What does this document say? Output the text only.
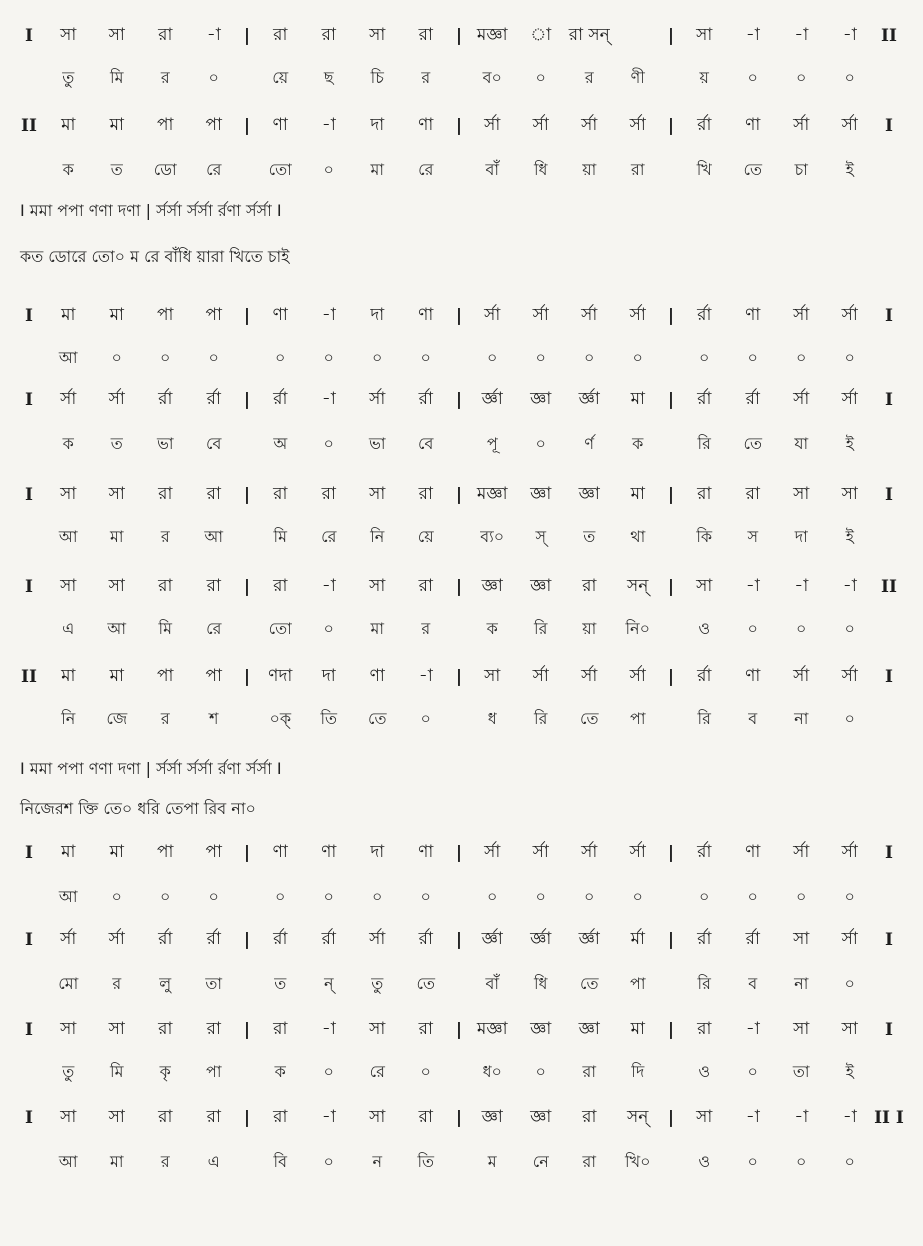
I	সা	সা	রা	-া	|	রা	রা	সা	রা	| মজ্ঞা	া	রা সন্	|	সা	-া	-া	-া	II
তু	মি	র	০	য়ে	ছ	চি	র	ব০	০	র	ণী	য়	০	০	০
II	মা	মা	পা	পা	|	ণা	-া	দা	ণা	|	র্সা	র্সা	র্সা	র্সা	|	র্রা	ণা	র্সা	র্সা	I
ক	ত	ডো	রে	তো	০	মা	রে	বাঁ	ধি	য়া	রা	খি	তে	চা	ই
I মমা পপা ণণা দণা | র্সর্সা র্সর্সা র্রণা র্সর্সা I
কত ডোরে তো০ ম রে বাঁধি য়ারা খিতে চাই
I	মা	মা	পা	পা	|	ণা	-া	দা	ণা	|	র্সা	র্সা	র্সা	র্সা	|	র্রা	ণা	র্সা	র্সা	I
আ	০	০	০	০	০	০	০	০	০	০	০	০	০	০	০
I	র্সা	র্সা	র্রা	র্রা	|	র্রা	-া	র্সা	র্রা	|	র্জ্ঞা	জ্ঞা	র্জ্ঞা	মা	|	র্রা	র্রা	র্সা	র্সা	I
ক	ত	ভা	বে	অ	০	ভা	বে	পূ	০	র্ণ	ক	রি	তে	যা	ই
I	সা	সা	রা	রা	|	রা	রা	সা	রা	| মজ্ঞা	জ্ঞা	জ্ঞা	মা	|	রা	রা	সা	সা	I
আ	মা	র	আ	মি	রে	নি	য়ে	ব্য০	স্	ত	থা	কি	স	দা	ই
I	সা	সা	রা	রা	|	রা	-া	সা	রা	|	জ্ঞা	জ্ঞা	রা	সন্	|	সা	-া	-া	-া	II
এ	আ	মি	রে	তো	০	মা	র	ক	রি	য়া	নি০	ও	০	০	০
II	মা	মা	পা	পা	|	ণদা	দা	ণা	-া	|	সা	র্সা	র্সা	র্সা	|	র্রা	ণা	র্সা	র্সা	I
নি	জে	র	শ	০ক্	তি	তে	০	ধ	রি	তে	পা	রি	ব	না	০
I মমা পপা ণণা দণা | র্সর্সা র্সর্সা র্রণা র্সর্সা I
নিজেরশ ক্তি তে০ ধরি তেপা রিব না০
I	মা	মা	পা	পা	|	ণা	ণা	দা	ণা	|	র্সা	র্সা	র্সা	র্সা	|	র্রা	ণা	র্সা	র্সা	I
আ	০	০	০	০	০	০	০	০	০	০	০	০	০	০	০
I	র্সা	র্সা	র্রা	র্রা	|	র্রা	র্রা	র্সা	র্রা	|	র্জ্ঞা	র্জ্ঞা	র্জ্ঞা	র্মা	|	র্রা	র্রা	সা	র্সা	I
মো	র	লু	তা	ত	ন্	তু	তে	বাঁ	ধি	তে	পা	রি	ব	না	০
I	সা	সা	রা	রা	|	রা	-া	সা	রা	| মজ্ঞা	জ্ঞা	জ্ঞা	মা	|	রা	-া	সা	সা	I
তু	মি	কৃ	পা	ক	০	রে	০	ধ০	০	রা	দি	ও	০	তা	ই
I	সা	সা	রা	রা	|	রা	-া	সা	রা	|	জ্ঞা	জ্ঞা	রা	সন্	|	সা	-া	-া	-া	II I
আ	মা	র	এ	বি	০	ন	তি	ম	নে	রা	খি০	ও	০	০	০
